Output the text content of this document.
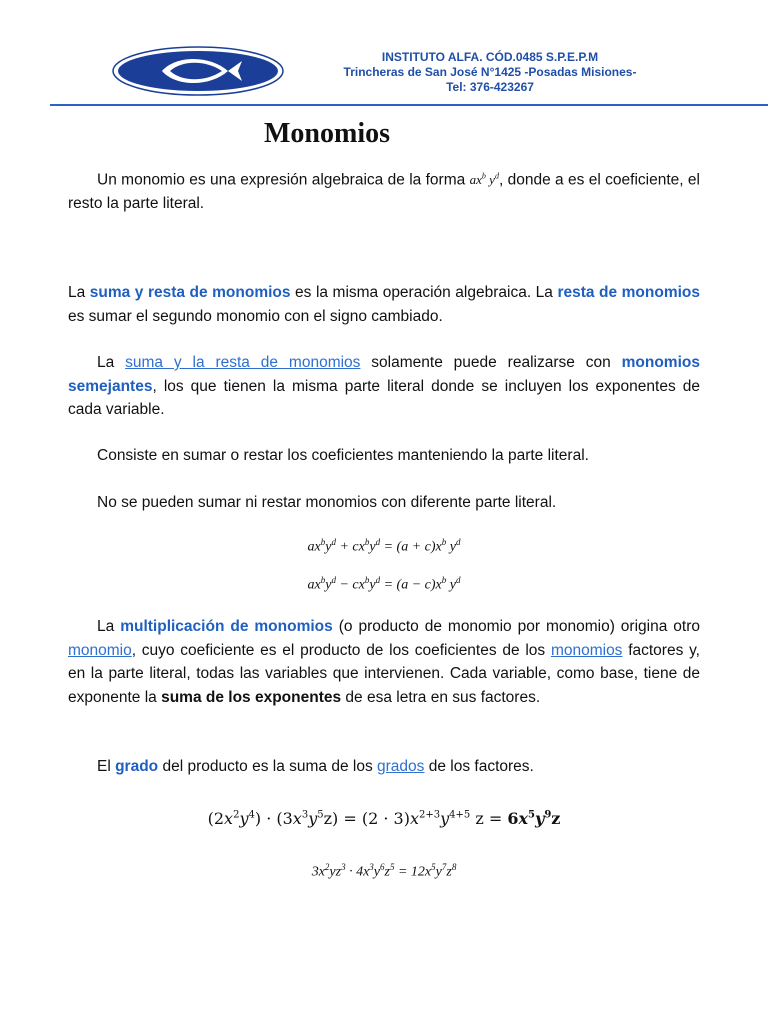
INSTITUTO ALFA. CÓD.0485 S.P.E.P.M
Trincheras de San José N°1425 -Posadas Misiones-
Tel: 376-423267
Monomios
Un monomio es una expresión algebraica de la forma $ax^b$ $y^d$, donde a es el coeficiente, el resto la parte literal.
La suma y resta de monomios es la misma operación algebraica. La resta de monomios es sumar el segundo monomio con el signo cambiado.
La suma y la resta de monomios solamente puede realizarse con monomios semejantes, los que tienen la misma parte literal donde se incluyen los exponentes de cada variable.
Consiste en sumar o restar los coeficientes manteniendo la parte literal.
No se pueden sumar ni restar monomios con diferente parte literal.
$ax^by^d + cx^by^d = (a + c)x^b$ $y^d$
$ax^by^d - cx^by^d = (a - c)x^b$ $y^d$
La multiplicación de monomios (o producto de monomio por monomio) origina otro monomio, cuyo coeficiente es el producto de los coeficientes de los monomios factores y, en la parte literal, todas las variables que intervienen. Cada variable, como base, tiene de exponente la suma de los exponentes de esa letra en sus factores.
El grado del producto es la suma de los grados de los factores.
$(2x^2y^4) \cdot (3x^3y^5z) = (2 \cdot 3)x^{2+3}y^{4+5}$ $z = 6x^5y^9z$
$3x^2yz^3 \cdot 4x^3y^6z^5 = 12x^5y^7z^8$
